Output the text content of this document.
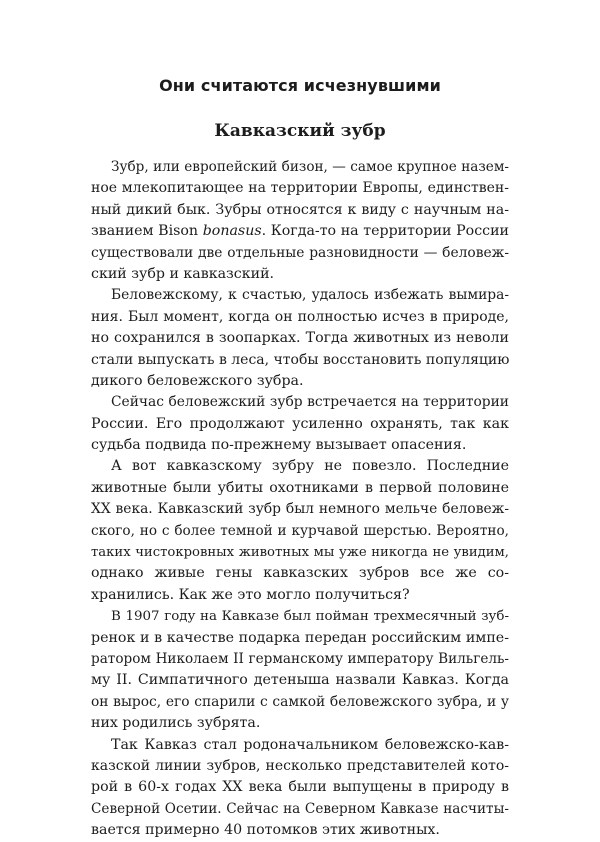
Они считаются исчезнувшими
Кавказский зубр
Зубр, или европейский бизон, — самое крупное назем-
ное млекопитающее на территории Европы, единствен-
ный дикий бык. Зубры относятся к виду с научным на-
званием Bison bonasus. Когда-то на территории России
существовали две отдельные разновидности — беловеж-
ский зубр и кавказский.
Беловежскому, к счастью, удалось избежать вымира-
ния. Был момент, когда он полностью исчез в природе,
но сохранился в зоопарках. Тогда животных из неволи
стали выпускать в леса, чтобы восстановить популяцию
дикого беловежского зубра.
Сейчас беловежский зубр встречается на территории
России. Его продолжают усиленно охранять, так как
судьба подвида по-прежнему вызывает опасения.
А вот кавказскому зубру не повезло. Последние
животные были убиты охотниками в первой половине
XX века. Кавказский зубр был немного мельче беловеж-
ского, но с более темной и курчавой шерстью. Вероятно,
таких чистокровных животных мы уже никогда не увидим,
однако живые гены кавказских зубров все же со-
хранились. Как же это могло получиться?
В 1907 году на Кавказе был пойман трехмесячный зуб-
ренок и в качестве подарка передан российским импе-
ратором Николаем II германскому императору Вильгель-
му II. Симпатичного детеныша назвали Кавказ. Когда
он вырос, его спарили с самкой беловежского зубра, и у
них родились зубрята.
Так Кавказ стал родоначальником беловежско-кав-
казской линии зубров, несколько представителей кото-
рой в 60-х годах XX века были выпущены в природу в
Северной Осетии. Сейчас на Северном Кавказе насчиты-
вается примерно 40 потомков этих животных.
